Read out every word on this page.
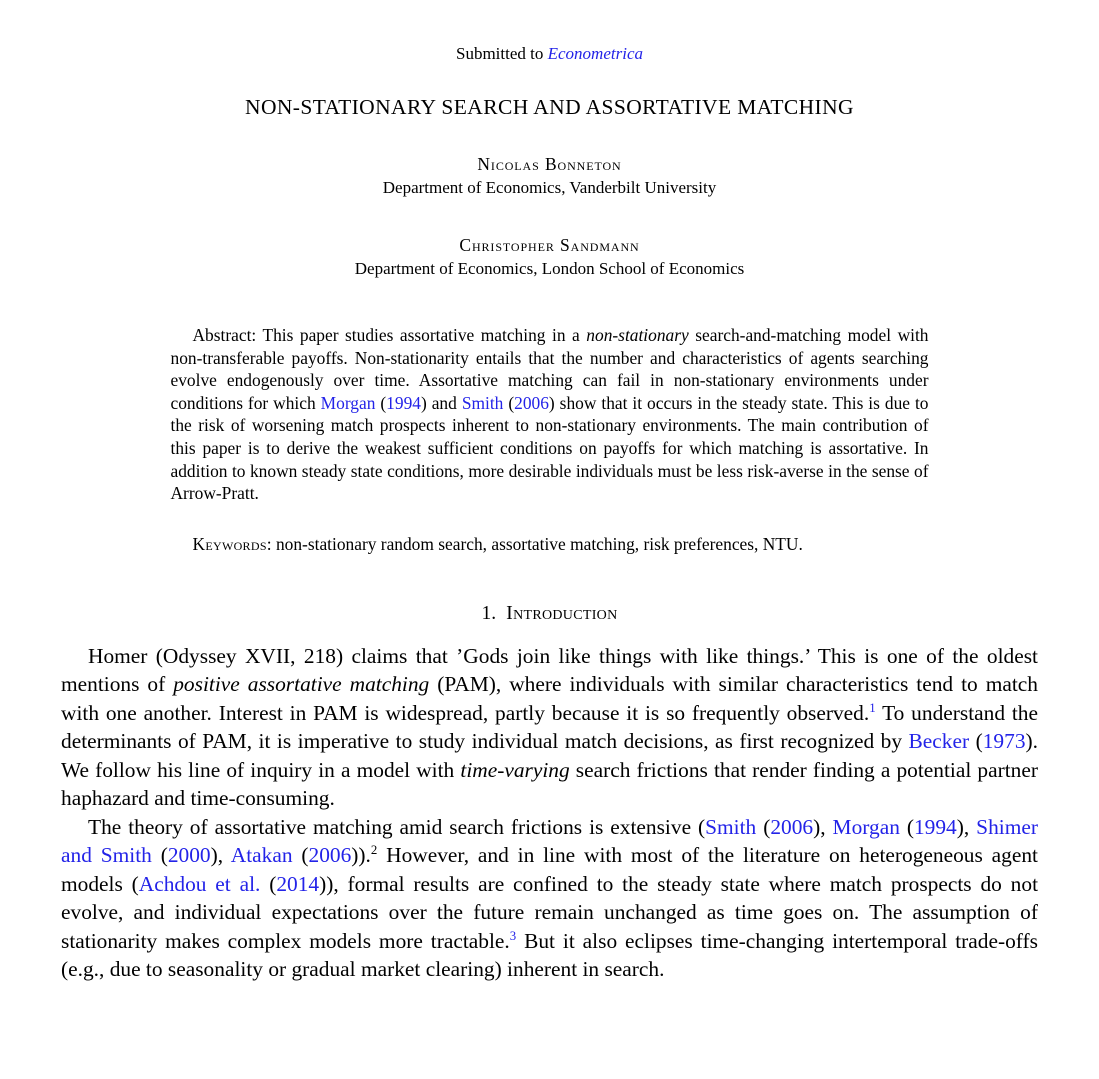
Submitted to Econometrica
NON-STATIONARY SEARCH AND ASSORTATIVE MATCHING
Nicolas Bonneton
Department of Economics, Vanderbilt University
Christopher Sandmann
Department of Economics, London School of Economics
Abstract: This paper studies assortative matching in a non-stationary search-and-matching model with non-transferable payoffs. Non-stationarity entails that the number and characteristics of agents searching evolve endogenously over time. Assortative matching can fail in non-stationary environments under conditions for which Morgan (1994) and Smith (2006) show that it occurs in the steady state. This is due to the risk of worsening match prospects inherent to non-stationary environments. The main contribution of this paper is to derive the weakest sufficient conditions on payoffs for which matching is assortative. In addition to known steady state conditions, more desirable individuals must be less risk-averse in the sense of Arrow-Pratt.
Keywords: non-stationary random search, assortative matching, risk preferences, NTU.
1. Introduction

Homer (Odyssey XVII, 218) claims that ’Gods join like things with like things.’ This is one of the oldest mentions of positive assortative matching (PAM), where individuals with similar characteristics tend to match with one another. Interest in PAM is widespread, partly because it is so frequently observed.$^1$ To understand the determinants of PAM, it is imperative to study individual match decisions, as first recognized by Becker (1973). We follow his line of inquiry in a model with time-varying search frictions that render finding a potential partner haphazard and time-consuming.

The theory of assortative matching amid search frictions is extensive (Smith (2006), Morgan (1994), Shimer and Smith (2000), Atakan (2006)).$^2$ However, and in line with most of the literature on heterogeneous agent models (Achdou et al. (2014)), formal results are confined to the steady state where match prospects do not evolve, and individual expectations over the future remain unchanged as time goes on. The assumption of stationarity makes complex models more tractable.$^3$ But it also eclipses time-changing intertemporal trade-offs (e.g., due to seasonality or gradual market clearing) inherent in search.
